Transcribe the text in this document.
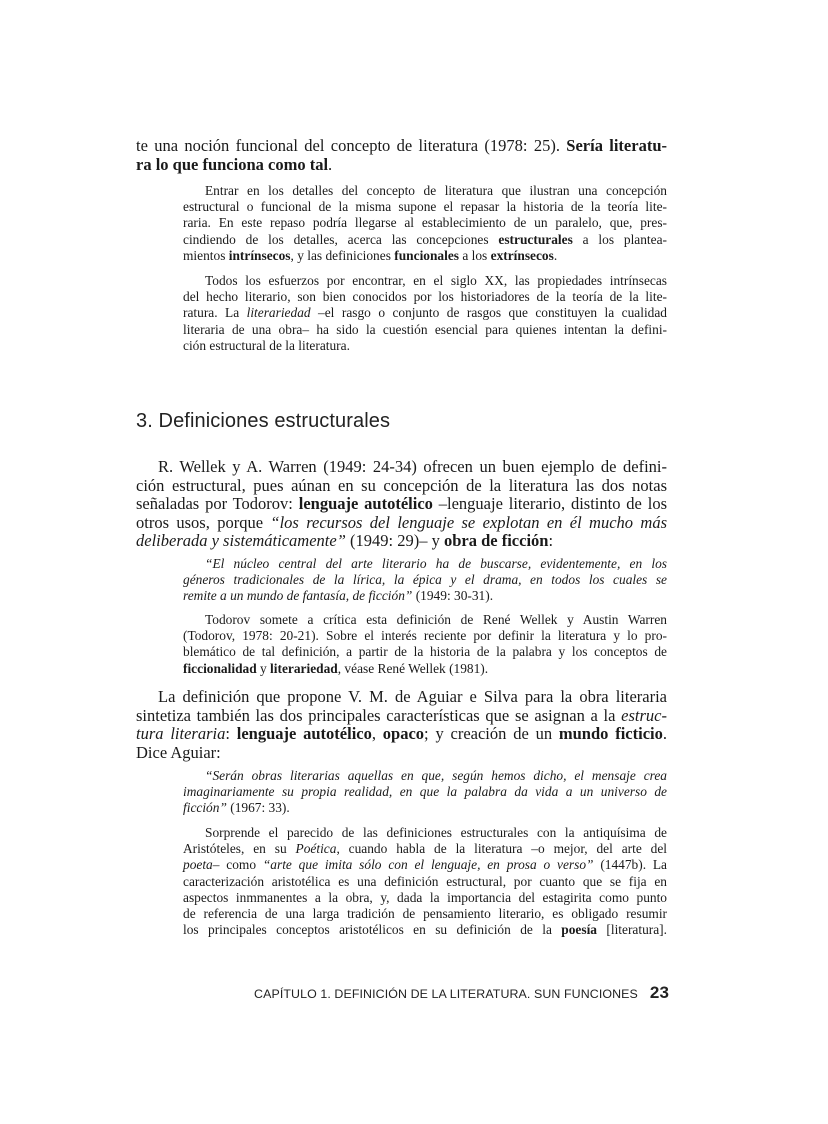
te una noción funcional del concepto de literatura (1978: 25). Sería literatu-
ra lo que funciona como tal.
Entrar en los detalles del concepto de literatura que ilustran una concepción
estructural o funcional de la misma supone el repasar la historia de la teoría lite-
raria. En este repaso podría llegarse al establecimiento de un paralelo, que, pres-
cindiendo de los detalles, acerca las concepciones estructurales a los plantea-
mientos intrínsecos, y las definiciones funcionales a los extrínsecos.
Todos los esfuerzos por encontrar, en el siglo XX, las propiedades intrínsecas
del hecho literario, son bien conocidos por los historiadores de la teoría de la lite-
ratura. La literariedad –el rasgo o conjunto de rasgos que constituyen la cualidad
literaria de una obra– ha sido la cuestión esencial para quienes intentan la defini-
ción estructural de la literatura.
3. Definiciones estructurales
R. Wellek y A. Warren (1949: 24-34) ofrecen un buen ejemplo de defini-
ción estructural, pues aúnan en su concepción de la literatura las dos notas
señaladas por Todorov: lenguaje autotélico –lenguaje literario, distinto de los
otros usos, porque “los recursos del lenguaje se explotan en él mucho más
deliberada y sistemáticamente” (1949: 29)– y obra de ficción:
“El núcleo central del arte literario ha de buscarse, evidentemente, en los
géneros tradicionales de la lírica, la épica y el drama, en todos los cuales se
remite a un mundo de fantasía, de ficción” (1949: 30-31).
Todorov somete a crítica esta definición de René Wellek y Austin Warren
(Todorov, 1978: 20-21). Sobre el interés reciente por definir la literatura y lo pro-
blemático de tal definición, a partir de la historia de la palabra y los conceptos de
ficcionalidad y literariedad, véase René Wellek (1981).
La definición que propone V. M. de Aguiar e Silva para la obra literaria
sintetiza también las dos principales características que se asignan a la estruc-
tura literaria: lenguaje autotélico, opaco; y creación de un mundo ficticio.
Dice Aguiar:
“Serán obras literarias aquellas en que, según hemos dicho, el mensaje crea
imaginariamente su propia realidad, en que la palabra da vida a un universo de
ficción” (1967: 33).
Sorprende el parecido de las definiciones estructurales con la antiquísima de
Aristóteles, en su Poética, cuando habla de la literatura –o mejor, del arte del
poeta– como “arte que imita sólo con el lenguaje, en prosa o verso” (1447b). La
caracterización aristotélica es una definición estructural, por cuanto que se fija en
aspectos inmmanentes a la obra, y, dada la importancia del estagirita como punto
de referencia de una larga tradición de pensamiento literario, es obligado resumir
los principales conceptos aristotélicos en su definición de la poesía [literatura].
CAPÍTULO 1. DEFINICIÓN DE LA LITERATURA. SUN FUNCIONES 23
